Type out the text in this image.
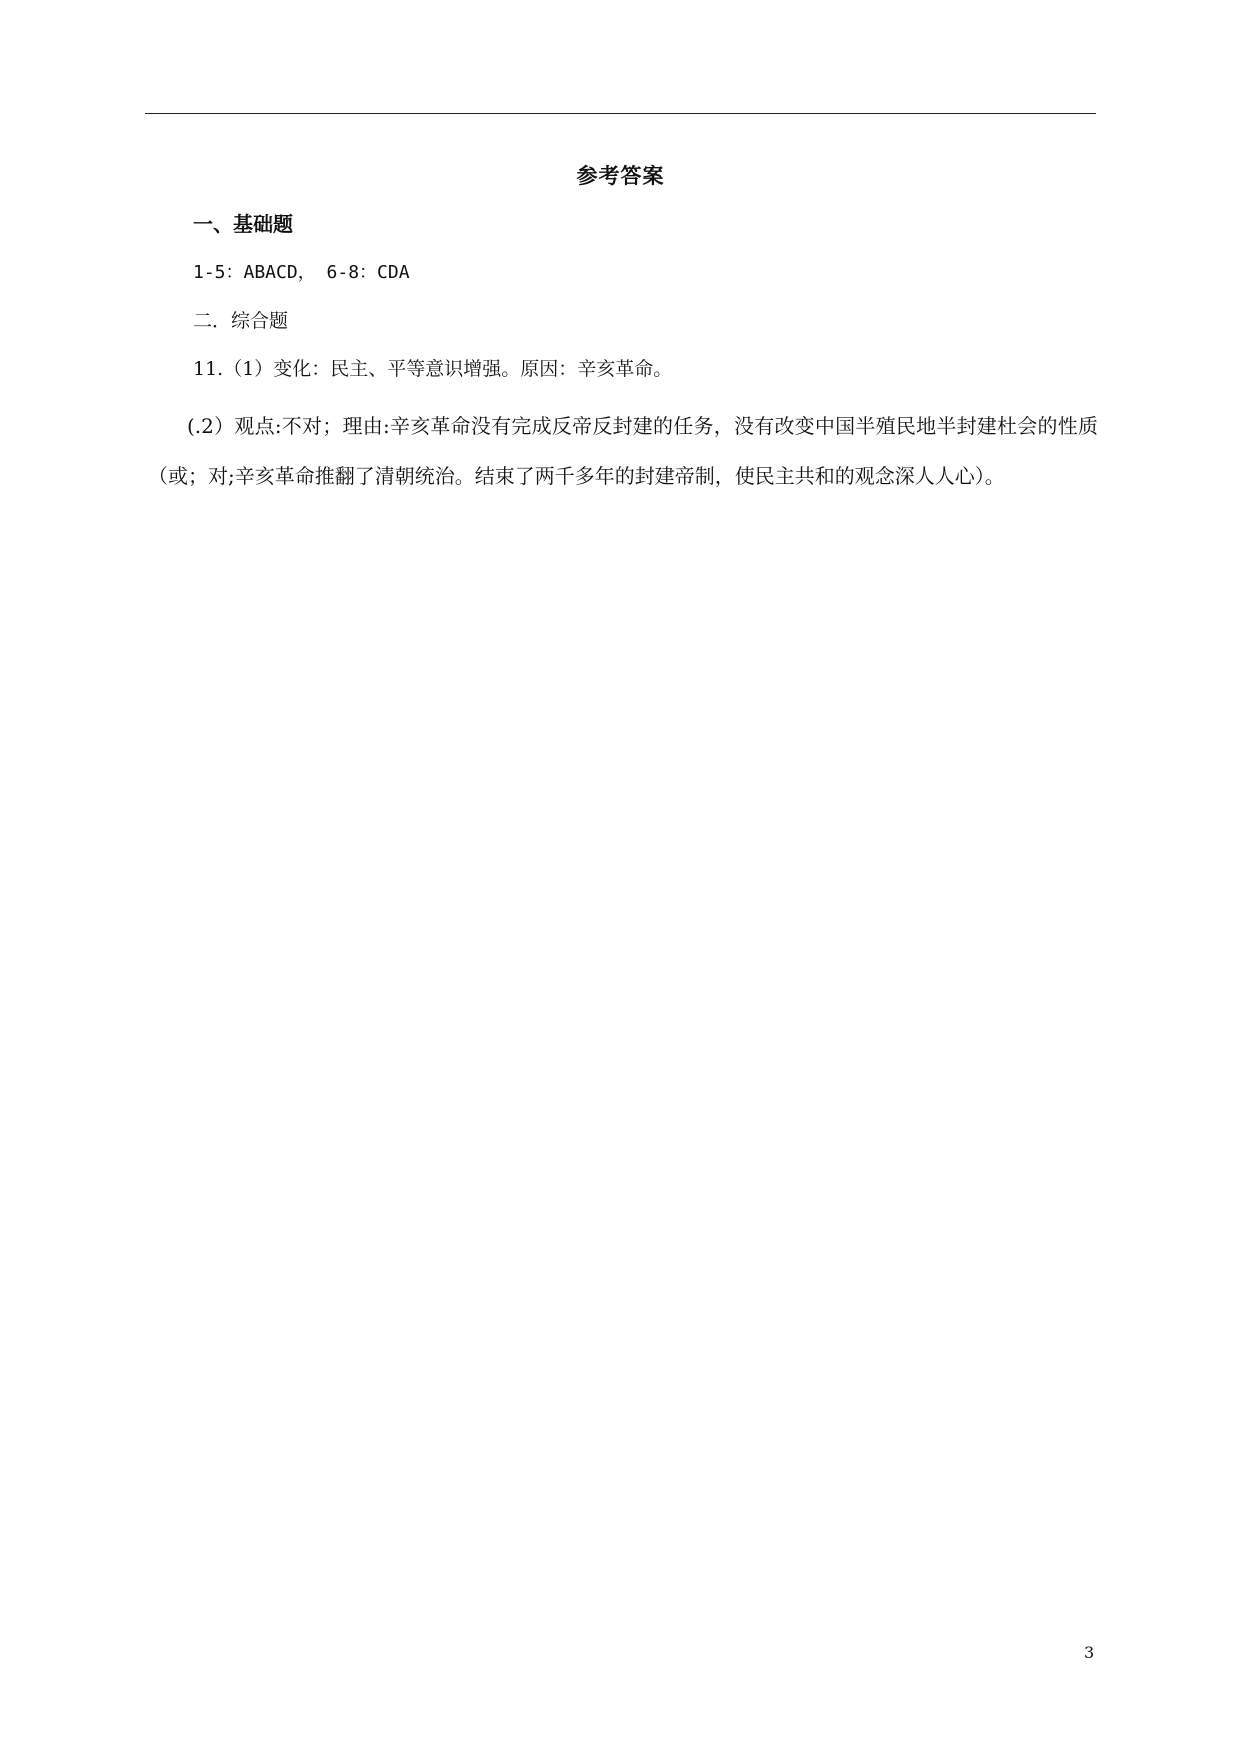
参考答案
一、基础题
1-5：ABACD， 6-8：CDA
二．综合题
11.（1）变化：民主、平等意识增强。原因：辛亥革命。
(.2）观点:不对；理由:辛亥革命没有完成反帝反封建的任务，没有改变中国半殖民地半封建杜会的性质（或；对;辛亥革命推翻了清朝统治。结束了两千多年的封建帝制，使民主共和的观念深人人心）。
3
